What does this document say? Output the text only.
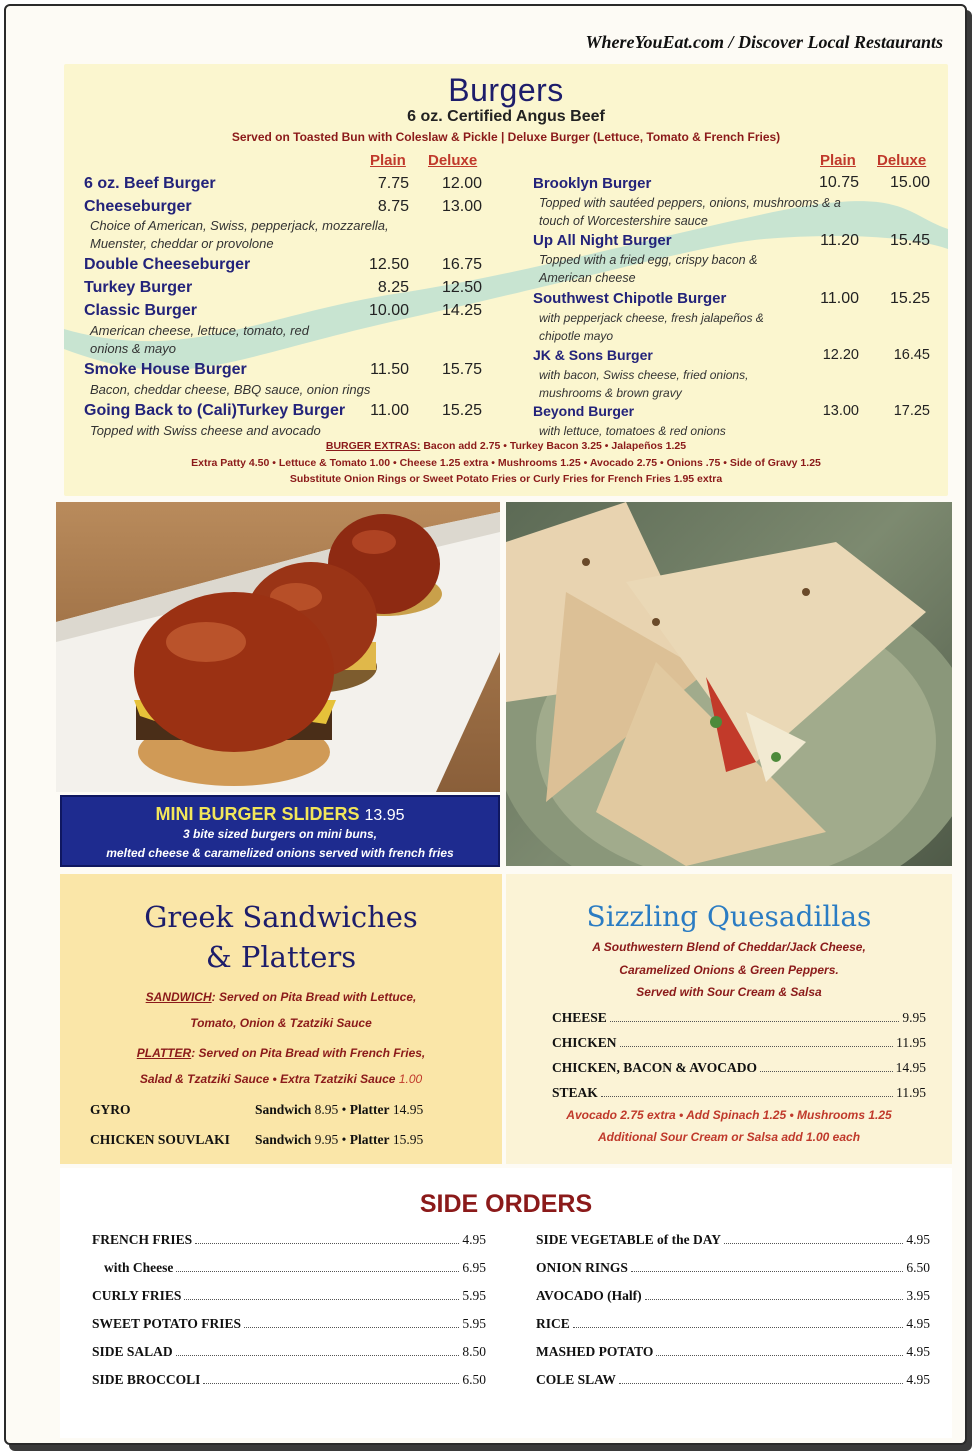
WhereYouEat.com / Discover Local Restaurants
Burgers
6 oz. Certified Angus Beef
Served on Toasted Bun with Coleslaw & Pickle | Deluxe Burger (Lettuce, Tomato & French Fries)
Plain Deluxe	Plain Deluxe
6 oz. Beef Burger	7.75	12.00
Cheeseburger	8.75	13.00
Choice of American, Swiss, pepperjack, mozzarella, Muenster, cheddar or provolone
Double Cheeseburger	12.50	16.75
Turkey Burger	8.25	12.50
Classic Burger	10.00	14.25
American cheese, lettuce, tomato, red onions & mayo
Smoke House Burger	11.50	15.75
Bacon, cheddar cheese, BBQ sauce, onion rings
Going Back to (Cali)Turkey Burger	11.00	15.25
Topped with Swiss cheese and avocado
Brooklyn Burger	10.75	15.00
Topped with sautéed peppers, onions, mushrooms & a touch of Worcestershire sauce
Up All Night Burger	11.20	15.45
Topped with a fried egg, crispy bacon & American cheese
Southwest Chipotle Burger	11.00	15.25
with pepperjack cheese, fresh jalapeños & chipotle mayo
JK & Sons Burger	12.20	16.45
with bacon, Swiss cheese, fried onions, mushrooms & brown gravy
Beyond Burger	13.00	17.25
with lettuce, tomatoes & red onions
BURGER EXTRAS: Bacon add 2.75 • Turkey Bacon 3.25 • Jalapeños 1.25
Extra Patty 4.50 • Lettuce & Tomato 1.00 • Cheese 1.25 extra • Mushrooms 1.25 • Avocado 2.75 • Onions .75 • Side of Gravy 1.25
Substitute Onion Rings or Sweet Potato Fries or Curly Fries for French Fries 1.95 extra
MINI BURGER SLIDERS 13.95
3 bite sized burgers on mini buns,
melted cheese & caramelized onions served with french fries
Greek Sandwiches
& Platters
SANDWICH: Served on Pita Bread with Lettuce,
Tomato, Onion & Tzatziki Sauce
PLATTER: Served on Pita Bread with French Fries,
Salad & Tzatziki Sauce • Extra Tzatziki Sauce 1.00
GYRO	Sandwich 8.95 • Platter 14.95
CHICKEN SOUVLAKI Sandwich 9.95 • Platter 15.95
Sizzling Quesadillas
A Southwestern Blend of Cheddar/Jack Cheese,
Caramelized Onions & Green Peppers.
Served with Sour Cream & Salsa
CHEESE	9.95
CHICKEN	11.95
CHICKEN, BACON & AVOCADO	14.95
STEAK	11.95
Avocado 2.75 extra • Add Spinach 1.25 • Mushrooms 1.25
Additional Sour Cream or Salsa add 1.00 each
SIDE ORDERS
FRENCH FRIES	4.95
with Cheese	6.95
CURLY FRIES	5.95
SWEET POTATO FRIES	5.95
SIDE SALAD	8.50
SIDE BROCCOLI	6.50
SIDE VEGETABLE of the DAY	4.95
ONION RINGS	6.50
AVOCADO (Half)	3.95
RICE	4.95
MASHED POTATO	4.95
COLE SLAW	4.95
